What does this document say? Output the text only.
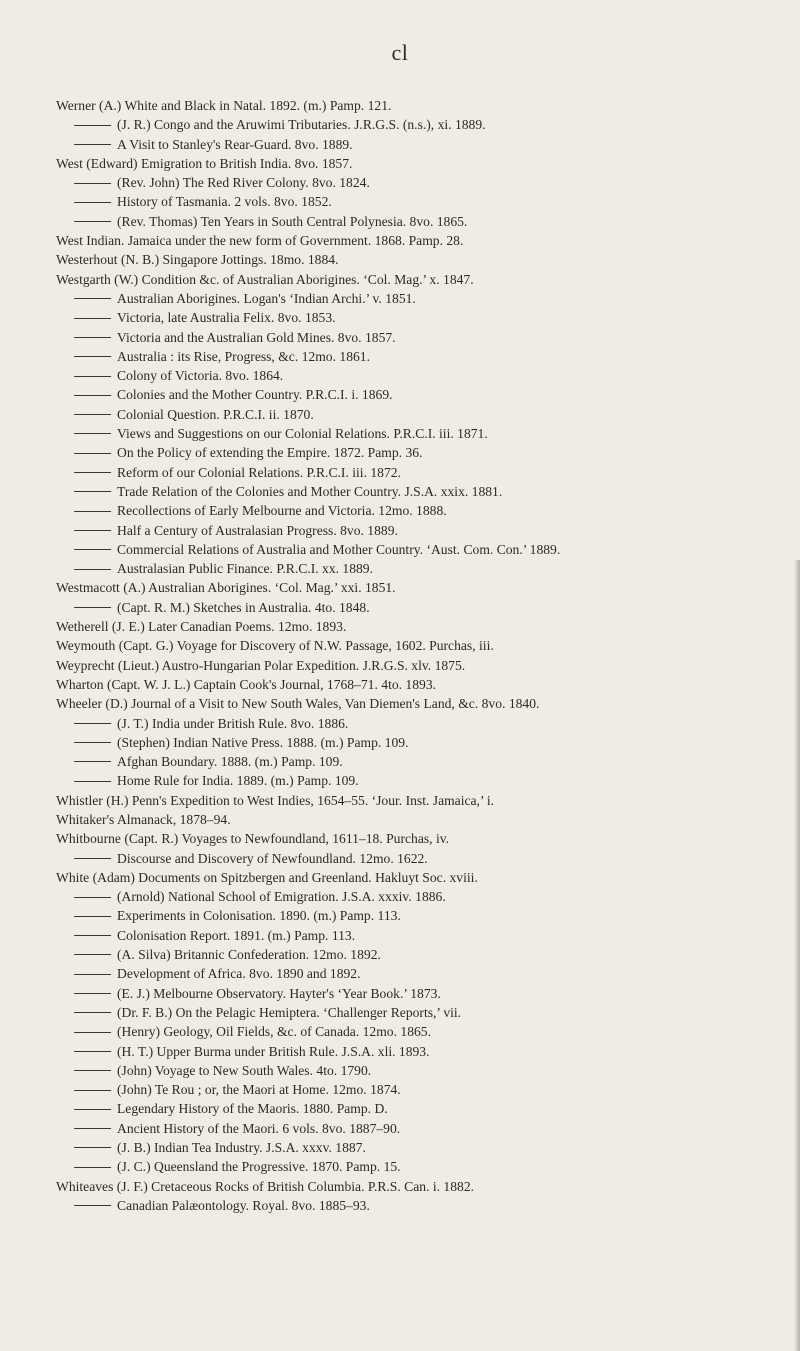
cl
Werner (A.) White and Black in Natal. 1892. (m.) Pamp. 121.
(J. R.) Congo and the Aruwimi Tributaries. J.R.G.S. (n.s.), xi. 1889.
A Visit to Stanley's Rear-Guard. 8vo. 1889.
West (Edward) Emigration to British India. 8vo. 1857.
(Rev. John) The Red River Colony. 8vo. 1824.
History of Tasmania. 2 vols. 8vo. 1852.
(Rev. Thomas) Ten Years in South Central Polynesia. 8vo. 1865.
West Indian. Jamaica under the new form of Government. 1868. Pamp. 28.
Westerhout (N. B.) Singapore Jottings. 18mo. 1884.
Westgarth (W.) Condition &c. of Australian Aborigines. ‘Col. Mag.’ x. 1847.
Australian Aborigines. Logan's ‘Indian Archi.’ v. 1851.
Victoria, late Australia Felix. 8vo. 1853.
Victoria and the Australian Gold Mines. 8vo. 1857.
Australia : its Rise, Progress, &c. 12mo. 1861.
Colony of Victoria. 8vo. 1864.
Colonies and the Mother Country. P.R.C.I. i. 1869.
Colonial Question. P.R.C.I. ii. 1870.
Views and Suggestions on our Colonial Relations. P.R.C.I. iii. 1871.
On the Policy of extending the Empire. 1872. Pamp. 36.
Reform of our Colonial Relations. P.R.C.I. iii. 1872.
Trade Relation of the Colonies and Mother Country. J.S.A. xxix. 1881.
Recollections of Early Melbourne and Victoria. 12mo. 1888.
Half a Century of Australasian Progress. 8vo. 1889.
Commercial Relations of Australia and Mother Country. ‘Aust. Com. Con.’ 1889.
Australasian Public Finance. P.R.C.I. xx. 1889.
Westmacott (A.) Australian Aborigines. ‘Col. Mag.’ xxi. 1851.
(Capt. R. M.) Sketches in Australia. 4to. 1848.
Wetherell (J. E.) Later Canadian Poems. 12mo. 1893.
Weymouth (Capt. G.) Voyage for Discovery of N.W. Passage, 1602. Purchas, iii.
Weyprecht (Lieut.) Austro-Hungarian Polar Expedition. J.R.G.S. xlv. 1875.
Wharton (Capt. W. J. L.) Captain Cook's Journal, 1768–71. 4to. 1893.
Wheeler (D.) Journal of a Visit to New South Wales, Van Diemen's Land, &c. 8vo. 1840.
(J. T.) India under British Rule. 8vo. 1886.
(Stephen) Indian Native Press. 1888. (m.) Pamp. 109.
Afghan Boundary. 1888. (m.) Pamp. 109.
Home Rule for India. 1889. (m.) Pamp. 109.
Whistler (H.) Penn's Expedition to West Indies, 1654–55. ‘Jour. Inst. Jamaica,’ i.
Whitaker's Almanack, 1878–94.
Whitbourne (Capt. R.) Voyages to Newfoundland, 1611–18. Purchas, iv.
Discourse and Discovery of Newfoundland. 12mo. 1622.
White (Adam) Documents on Spitzbergen and Greenland. Hakluyt Soc. xviii.
(Arnold) National School of Emigration. J.S.A. xxxiv. 1886.
Experiments in Colonisation. 1890. (m.) Pamp. 113.
Colonisation Report. 1891. (m.) Pamp. 113.
(A. Silva) Britannic Confederation. 12mo. 1892.
Development of Africa. 8vo. 1890 and 1892.
(E. J.) Melbourne Observatory. Hayter's ‘Year Book.’ 1873.
(Dr. F. B.) On the Pelagic Hemiptera. ‘Challenger Reports,’ vii.
(Henry) Geology, Oil Fields, &c. of Canada. 12mo. 1865.
(H. T.) Upper Burma under British Rule. J.S.A. xli. 1893.
(John) Voyage to New South Wales. 4to. 1790.
(John) Te Rou ; or, the Maori at Home. 12mo. 1874.
Legendary History of the Maoris. 1880. Pamp. D.
Ancient History of the Maori. 6 vols. 8vo. 1887–90.
(J. B.) Indian Tea Industry. J.S.A. xxxv. 1887.
(J. C.) Queensland the Progressive. 1870. Pamp. 15.
Whiteaves (J. F.) Cretaceous Rocks of British Columbia. P.R.S. Can. i. 1882.
Canadian Palæontology. Royal. 8vo. 1885–93.
